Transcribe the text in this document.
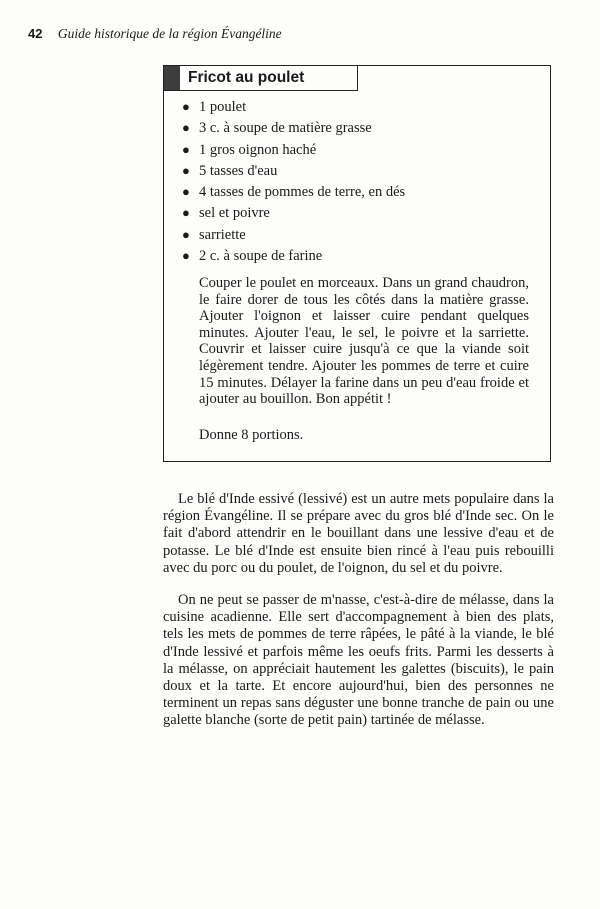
42 Guide historique de la région Évangéline
Fricot au poulet
● 1 poulet
● 3 c. à soupe de matière grasse
● 1 gros oignon haché
● 5 tasses d'eau
● 4 tasses de pommes de terre, en dés
● sel et poivre
● sarriette
● 2 c. à soupe de farine

Couper le poulet en morceaux. Dans un grand chaudron, le faire dorer de tous les côtés dans la matière grasse. Ajouter l'oignon et laisser cuire pendant quelques minutes. Ajouter l'eau, le sel, le poivre et la sarriette. Couvrir et laisser cuire jusqu'à ce que la viande soit légèrement tendre. Ajouter les pommes de terre et cuire 15 minutes. Délayer la farine dans un peu d'eau froide et ajouter au bouillon. Bon appétit !

Donne 8 portions.

Le blé d'Inde essivé (lessivé) est un autre mets populaire dans la région Évangéline. Il se prépare avec du gros blé d'Inde sec. On le fait d'abord attendrir en le bouillant dans une lessive d'eau et de potasse. Le blé d'Inde est ensuite bien rincé à l'eau puis rebouilli avec du porc ou du poulet, de l'oignon, du sel et du poivre.

On ne peut se passer de m'nasse, c'est-à-dire de mélasse, dans la cuisine acadienne. Elle sert d'accompagnement à bien des plats, tels les mets de pommes de terre râpées, le pâté à la viande, le blé d'Inde lessivé et parfois même les oeufs frits. Parmi les desserts à la mélasse, on appréciait hautement les galettes (biscuits), le pain doux et la tarte. Et encore aujourd'hui, bien des personnes ne terminent un repas sans déguster une bonne tranche de pain ou une galette blanche (sorte de petit pain) tartinée de mélasse.
